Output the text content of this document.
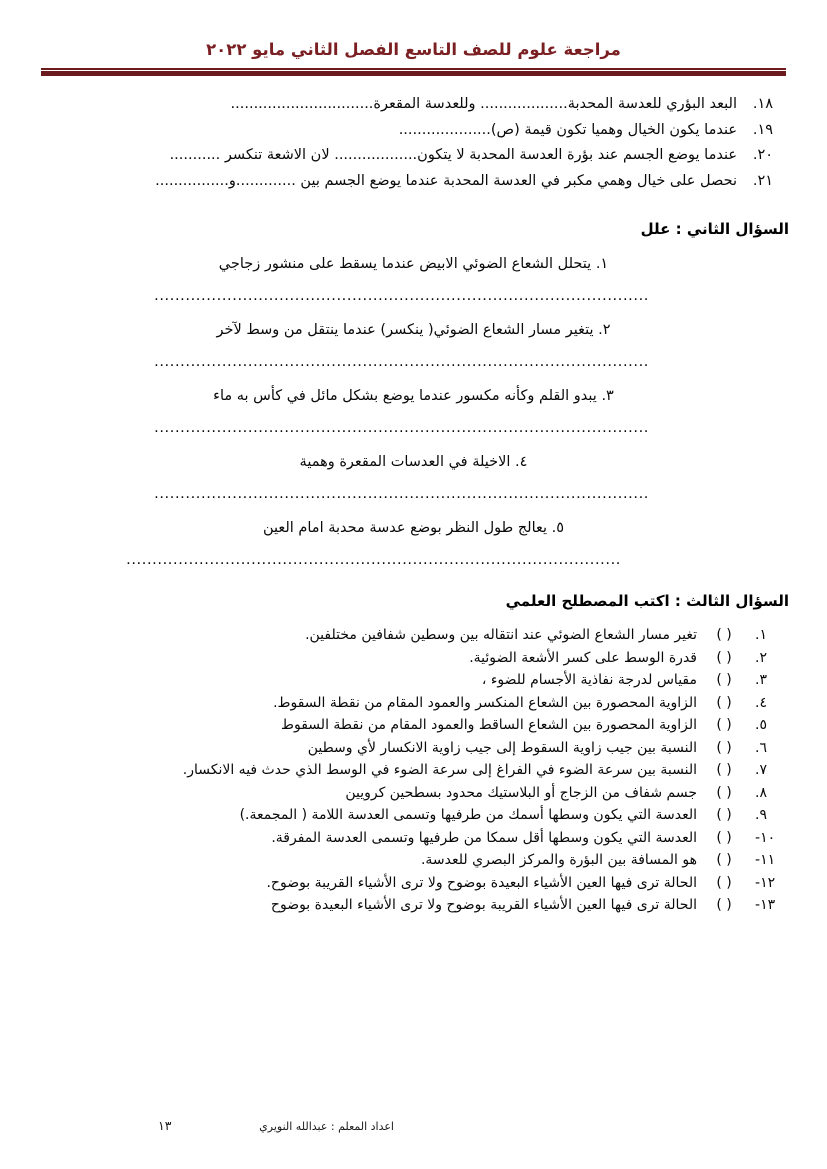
مراجعة علوم للصف التاسع الفصل الثاني مايو ٢٠٢٢
١٨.
البعد البؤري للعدسة المحدبة................... وللعدسة المقعرة...............................
١٩.
عندما يكون الخيال وهميا تكون قيمة (ص)....................
٢٠.
عندما يوضع الجسم عند بؤرة العدسة المحدبة لا يتكون.................. لان الاشعة تنكسر ...........
٢١.
نحصل على خيال وهمي مكبر في العدسة المحدبة عندما يوضع الجسم بين .............و................
السؤال الثاني : علل
١. يتحلل الشعاع الضوئي الابيض عندما يسقط على منشور زجاجي
...............................................................................................
٢. يتغير مسار الشعاع الضوئي( ينكسر) عندما ينتقل من وسط لآخر
...............................................................................................
٣. يبدو القلم وكأنه مكسور عندما يوضع بشكل مائل في كأس به ماء
...............................................................................................
٤. الاخيلة في العدسات المقعرة وهمية
...............................................................................................
٥. يعالج طول النظر بوضع عدسة محدبة امام العين
...............................................................................................
السؤال الثالث : اكتب المصطلح العلمي
١.
( )
تغير مسار الشعاع الضوئي عند انتقاله بين وسطين شفافين مختلفين.
٢.
( )
قدرة الوسط على كسر الأشعة الضوئية.
٣.
( )
مقياس لدرجة نفاذية الأجسام للضوء ،
٤.
( )
الزاوية المحصورة بين الشعاع المنكسر والعمود المقام من نقطة السقوط.
٥.
( )
الزاوية المحصورة بين الشعاع الساقط والعمود المقام من نقطة السقوط
٦.
( )
النسبة بين جيب زاوية السقوط إلى جيب زاوية الانكسار لأي وسطين
٧.
( )
النسبة بين سرعة الضوء في الفراغ إلى سرعة الضوء في الوسط الذي حدث فيه الانكسار.
٨.
( )
جسم شفاف من الزجاج أو البلاستيك محدود بسطحين كرويين
٩.
( )
العدسة التي يكون وسطها أسمك من طرفيها وتسمى العدسة اللامة ( المجمعة.)
١٠-
( )
العدسة التي يكون وسطها أقل سمكا من طرفيها وتسمى العدسة المفرقة.
١١-
( )
هو المسافة بين البؤرة والمركز البصري للعدسة.
١٢-
( )
الحالة ترى فيها العين الأشياء البعيدة بوضوح ولا ترى الأشياء القريبة بوضوح.
١٣-
( )
الحالة ترى فيها العين الأشياء القريبة بوضوح ولا ترى الأشياء البعيدة بوضوح
اعداد المعلم : عبدالله النويري
١٣
